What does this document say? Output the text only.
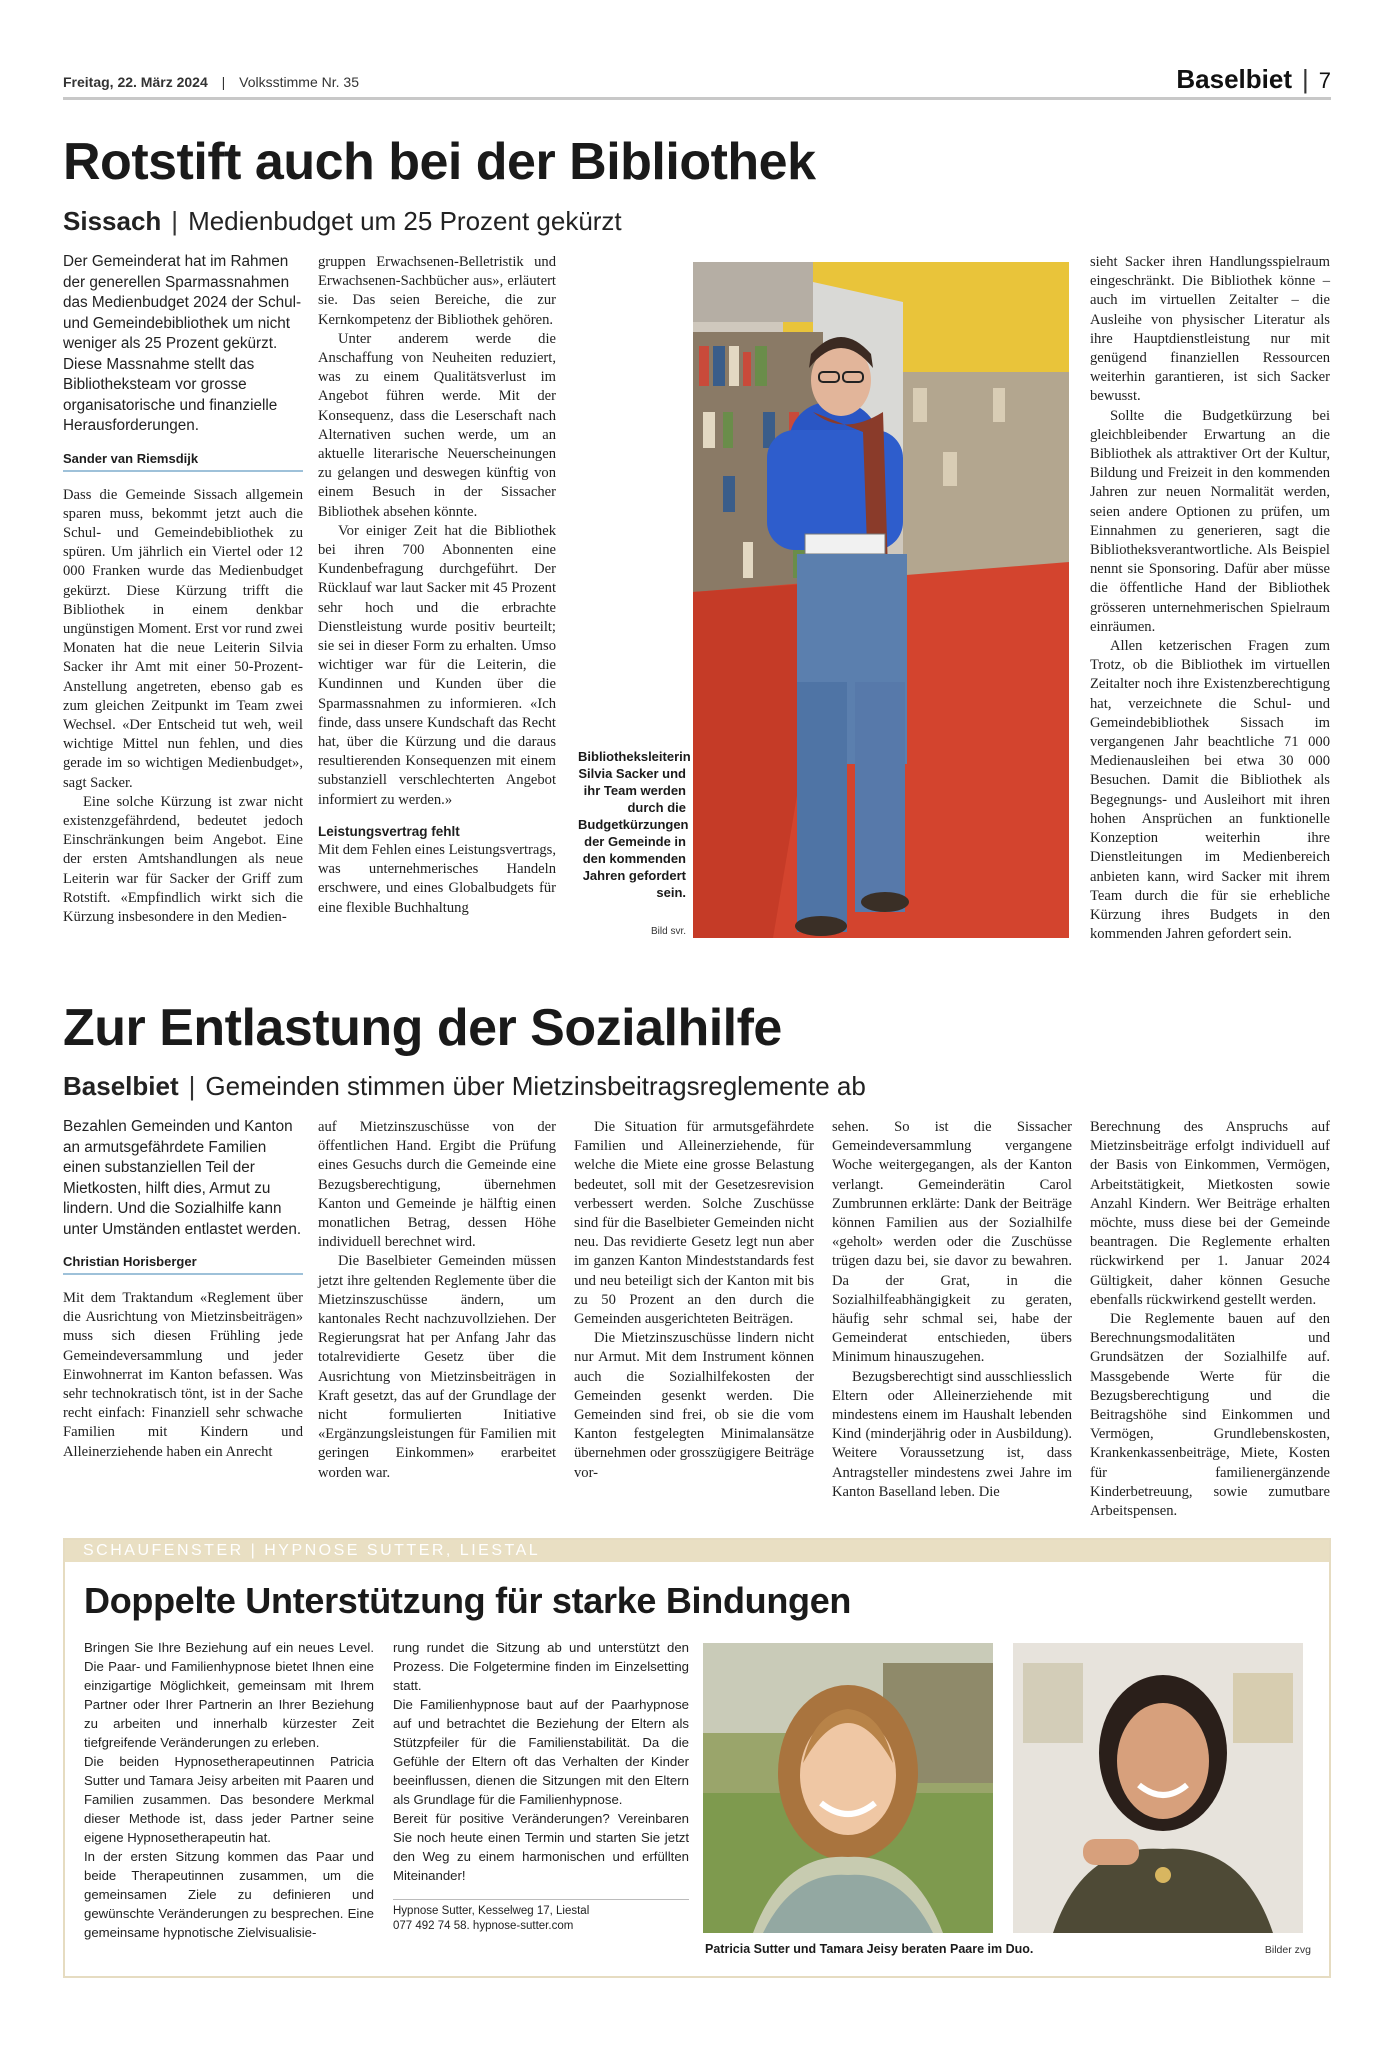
Freitag, 22. März 2024 | Volksstimme Nr. 35	Baselbiet | 7
Rotstift auch bei der Bibliothek
Sissach | Medienbudget um 25 Prozent gekürzt
Der Gemeinderat hat im Rahmen der generellen Sparmassnahmen das Medienbudget 2024 der Schul- und Gemeindebibliothek um nicht weniger als 25 Prozent gekürzt. Diese Massnahme stellt das Bibliotheksteam vor grosse organisatorische und finanzielle Herausforderungen.
Sander van Riemsdijk

Dass die Gemeinde Sissach allgemein sparen muss, bekommt jetzt auch die Schul- und Gemeindebibliothek zu spüren. Um jährlich ein Viertel oder 12 000 Franken wurde das Medienbudget gekürzt. Diese Kürzung trifft die Bibliothek in einem denkbar ungünstigen Moment. Erst vor rund zwei Monaten hat die neue Leiterin Silvia Sacker ihr Amt mit einer 50-Prozent-Anstellung angetreten, ebenso gab es zum gleichen Zeitpunkt im Team zwei Wechsel. «Der Entscheid tut weh, weil wichtige Mittel nun fehlen, und dies gerade im so wichtigen Medienbudget», sagt Sacker.

Eine solche Kürzung ist zwar nicht existenzgefährdend, bedeutet jedoch Einschränkungen beim Angebot. Eine der ersten Amtshandlungen als neue Leiterin war für Sacker der Griff zum Rotstift. «Empfindlich wirkt sich die Kürzung insbesondere in den Medien-

gruppen Erwachsenen-Belletristik und Erwachsenen-Sachbücher aus», erläutert sie. Das seien Bereiche, die zur Kernkompetenz der Bibliothek gehören.

Unter anderem werde die Anschaffung von Neuheiten reduziert, was zu einem Qualitätsverlust im Angebot führen werde. Mit der Konsequenz, dass die Leserschaft nach Alternativen suchen werde, um an aktuelle literarische Neuerscheinungen zu gelangen und deswegen künftig von einem Besuch in der Sissacher Bibliothek absehen könnte.

Vor einiger Zeit hat die Bibliothek bei ihren 700 Abonnenten eine Kundenbefragung durchgeführt. Der Rücklauf war laut Sacker mit 45 Prozent sehr hoch und die erbrachte Dienstleistung wurde positiv beurteilt; sie sei in dieser Form zu erhalten. Umso wichtiger war für die Leiterin, die Kundinnen und Kunden über die Sparmassnahmen zu informieren. «Ich finde, dass unsere Kundschaft das Recht hat, über die Kürzung und die daraus resultierenden Konsequenzen mit einem substanziell verschlechterten Angebot informiert zu werden.»

Leistungsvertrag fehlt

Mit dem Fehlen eines Leistungsvertrags, was unternehmerisches Handeln erschwere, und eines Globalbudgets für eine flexible Buchhaltung

Bibliotheksleiterin Silvia Sacker und ihr Team werden durch die Budgetkürzungen der Gemeinde in den kommenden Jahren gefordert sein.
Bild svr.

sieht Sacker ihren Handlungsspielraum eingeschränkt. Die Bibliothek könne – auch im virtuellen Zeitalter – die Ausleihe von physischer Literatur als ihre Hauptdienstleistung nur mit genügend finanziellen Ressourcen weiterhin garantieren, ist sich Sacker bewusst.

Sollte die Budgetkürzung bei gleichbleibender Erwartung an die Bibliothek als attraktiver Ort der Kultur, Bildung und Freizeit in den kommenden Jahren zur neuen Normalität werden, seien andere Optionen zu prüfen, um Einnahmen zu generieren, sagt die Bibliotheksverantwortliche. Als Beispiel nennt sie Sponsoring. Dafür aber müsse die öffentliche Hand der Bibliothek grösseren unternehmerischen Spielraum einräumen.

Allen ketzerischen Fragen zum Trotz, ob die Bibliothek im virtuellen Zeitalter noch ihre Existenzberechtigung hat, verzeichnete die Schul- und Gemeindebibliothek Sissach im vergangenen Jahr beachtliche 71 000 Medienausleihen bei etwa 30 000 Besuchen. Damit die Bibliothek als Begegnungs- und Ausleihort mit ihren hohen Ansprüchen an funktionelle Konzeption weiterhin ihre Dienstleitungen im Medienbereich anbieten kann, wird Sacker mit ihrem Team durch die für sie erhebliche Kürzung ihres Budgets in den kommenden Jahren gefordert sein.

Zur Entlastung der Sozialhilfe
Baselbiet | Gemeinden stimmen über Mietzinsbeitragsreglemente ab
Bezahlen Gemeinden und Kanton an armutsgefährdete Familien einen substanziellen Teil der Mietkosten, hilft dies, Armut zu lindern. Und die Sozialhilfe kann unter Umständen entlastet werden.
Christian Horisberger

Mit dem Traktandum «Reglement über die Ausrichtung von Mietzinsbeiträgen» muss sich diesen Frühling jede Gemeindeversammlung und jeder Einwohnerrat im Kanton befassen. Was sehr technokratisch tönt, ist in der Sache recht einfach: Finanziell sehr schwache Familien mit Kindern und Alleinerziehende haben ein Anrecht

auf Mietzinszuschüsse von der öffentlichen Hand. Ergibt die Prüfung eines Gesuchs durch die Gemeinde eine Bezugsberechtigung, übernehmen Kanton und Gemeinde je hälftig einen monatlichen Betrag, dessen Höhe individuell berechnet wird.

Die Baselbieter Gemeinden müssen jetzt ihre geltenden Reglemente über die Mietzinszuschüsse ändern, um kantonales Recht nachzuvollziehen. Der Regierungsrat hat per Anfang Jahr das totalrevidierte Gesetz über die Ausrichtung von Mietzinsbeiträgen in Kraft gesetzt, das auf der Grundlage der nicht formulierten Initiative «Ergänzungsleistungen für Familien mit geringen Einkommen» erarbeitet worden war.

Die Situation für armutsgefährdete Familien und Alleinerziehende, für welche die Miete eine grosse Belastung bedeutet, soll mit der Gesetzesrevision verbessert werden. Solche Zuschüsse sind für die Baselbieter Gemeinden nicht neu. Das revidierte Gesetz legt nun aber im ganzen Kanton Mindeststandards fest und neu beteiligt sich der Kanton mit bis zu 50 Prozent an den durch die Gemeinden ausgerichteten Beiträgen.

Die Mietzinszuschüsse lindern nicht nur Armut. Mit dem Instrument können auch die Sozialhilfekosten der Gemeinden gesenkt werden. Die Gemeinden sind frei, ob sie die vom Kanton festgelegten Minimalansätze übernehmen oder grosszügigere Beiträge vor-

sehen. So ist die Sissacher Gemeindeversammlung vergangene Woche weitergegangen, als der Kanton verlangt. Gemeinderätin Carol Zumbrunnen erklärte: Dank der Beiträge können Familien aus der Sozialhilfe «geholt» werden oder die Zuschüsse trügen dazu bei, sie davor zu bewahren. Da der Grat, in die Sozialhilfeabhängigkeit zu geraten, häufig sehr schmal sei, habe der Gemeinderat entschieden, übers Minimum hinauszugehen.

Bezugsberechtigt sind ausschliesslich Eltern oder Alleinerziehende mit mindestens einem im Haushalt lebenden Kind (minderjährig oder in Ausbildung). Weitere Voraussetzung ist, dass Antragsteller mindestens zwei Jahre im Kanton Baselland leben. Die

Berechnung des Anspruchs auf Mietzinsbeiträge erfolgt individuell auf der Basis von Einkommen, Vermögen, Arbeitstätigkeit, Mietkosten sowie Anzahl Kindern. Wer Beiträge erhalten möchte, muss diese bei der Gemeinde beantragen. Die Reglemente erhalten rückwirkend per 1. Januar 2024 Gültigkeit, daher können Gesuche ebenfalls rückwirkend gestellt werden.

Die Reglemente bauen auf den Berechnungsmodalitäten und Grundsätzen der Sozialhilfe auf. Massgebende Werte für die Bezugsberechtigung und die Beitragshöhe sind Einkommen und Vermögen, Grundlebenskosten, Krankenkassenbeiträge, Miete, Kosten für familienergänzende Kinderbetreuung, sowie zumutbare Arbeitspensen.

SCHAUFENSTER | HYPNOSE SUTTER, LIESTAL
Doppelte Unterstützung für starke Bindungen

Bringen Sie Ihre Beziehung auf ein neues Level. Die Paar- und Familienhypnose bietet Ihnen eine einzigartige Möglichkeit, gemeinsam mit Ihrem Partner oder Ihrer Partnerin an Ihrer Beziehung zu arbeiten und innerhalb kürzester Zeit tiefgreifende Veränderungen zu erleben.

Die beiden Hypnosetherapeutinnen Patricia Sutter und Tamara Jeisy arbeiten mit Paaren und Familien zusammen. Das besondere Merkmal dieser Methode ist, dass jeder Partner seine eigene Hypnosetherapeutin hat.

In der ersten Sitzung kommen das Paar und beide Therapeutinnen zusammen, um die gemeinsamen Ziele zu definieren und gewünschte Veränderungen zu besprechen. Eine gemeinsame hypnotische Zielvisualisie-

rung rundet die Sitzung ab und unterstützt den Prozess. Die Folgetermine finden im Einzelsetting statt.

Die Familienhypnose baut auf der Paarhypnose auf und betrachtet die Beziehung der Eltern als Stützpfeiler für die Familienstabilität. Da die Gefühle der Eltern oft das Verhalten der Kinder beeinflussen, dienen die Sitzungen mit den Eltern als Grundlage für die Familienhypnose.

Bereit für positive Veränderungen? Vereinbaren Sie noch heute einen Termin und starten Sie jetzt den Weg zu einem harmonischen und erfüllten Miteinander!

Hypnose Sutter, Kesselweg 17, Liestal
077 492 74 58. hypnose-sutter.com
Patricia Sutter und Tamara Jeisy beraten Paare im Duo.	Bilder zvg
